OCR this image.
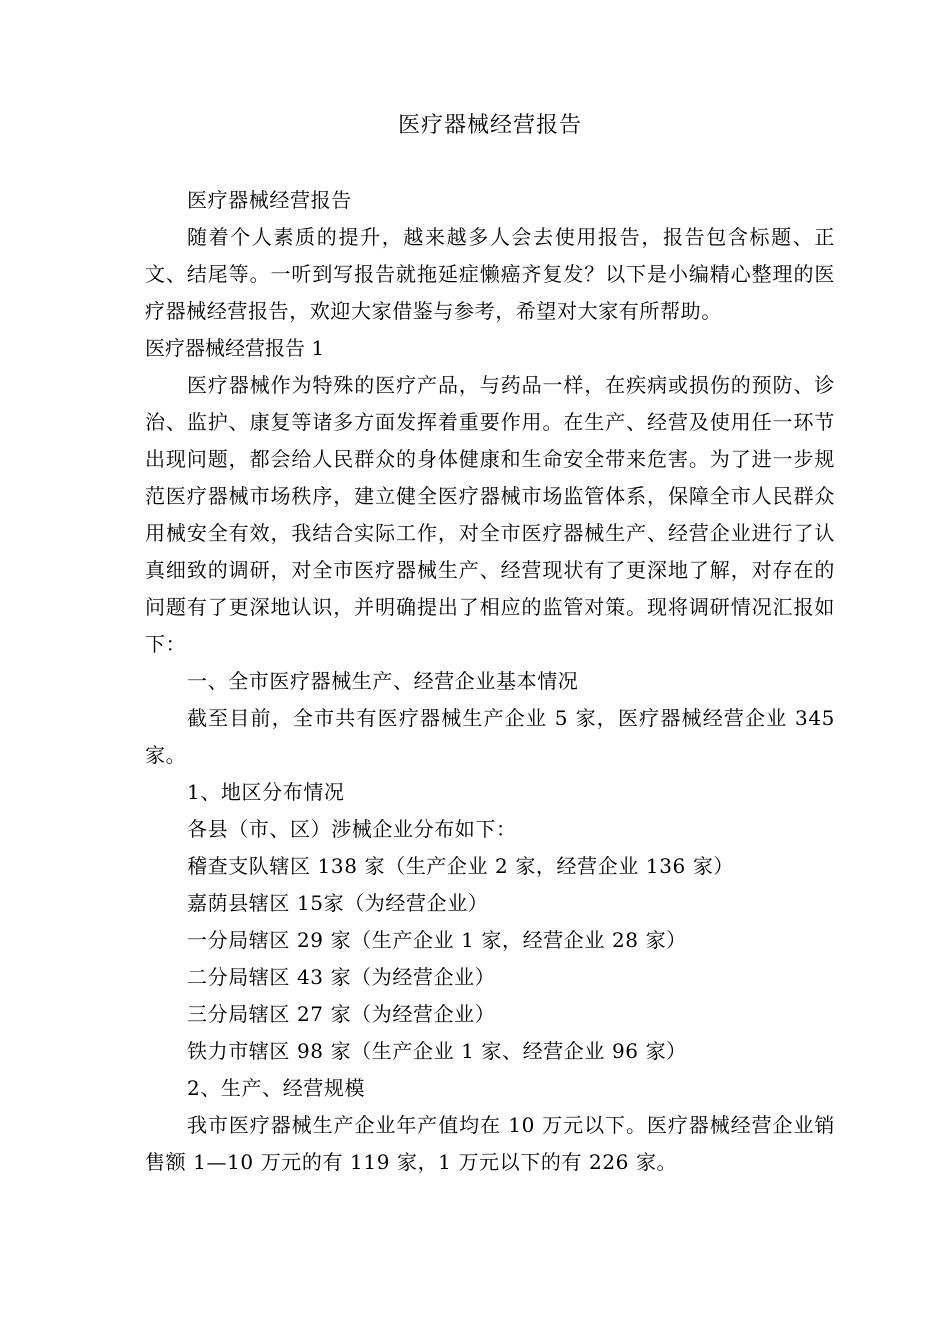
医疗器械经营报告

医疗器械经营报告

随着个人素质的提升，越来越多人会去使用报告，报告包含标题、正文、结尾等。一听到写报告就拖延症懒癌齐复发？以下是小编精心整理的医疗器械经营报告，欢迎大家借鉴与参考，希望对大家有所帮助。

医疗器械经营报告 1

医疗器械作为特殊的医疗产品，与药品一样，在疾病或损伤的预防、诊治、监护、康复等诸多方面发挥着重要作用。在生产、经营及使用任一环节出现问题，都会给人民群众的身体健康和生命安全带来危害。为了进一步规范医疗器械市场秩序，建立健全医疗器械市场监管体系，保障全市人民群众用械安全有效，我结合实际工作，对全市医疗器械生产、经营企业进行了认真细致的调研，对全市医疗器械生产、经营现状有了更深地了解，对存在的问题有了更深地认识，并明确提出了相应的监管对策。现将调研情况汇报如下：

一、全市医疗器械生产、经营企业基本情况

截至目前，全市共有医疗器械生产企业 5 家，医疗器械经营企业 345 家。

1、地区分布情况

各县（市、区）涉械企业分布如下：

稽查支队辖区 138 家（生产企业 2 家，经营企业 136 家）

嘉荫县辖区 15家（为经营企业）

一分局辖区 29 家（生产企业 1 家，经营企业 28 家）

二分局辖区 43 家（为经营企业）

三分局辖区 27 家（为经营企业）

铁力市辖区 98 家（生产企业 1 家、经营企业 96 家）

2、生产、经营规模

我市医疗器械生产企业年产值均在 10 万元以下。医疗器械经营企业销售额 1—10 万元的有 119 家，1 万元以下的有 226 家。
